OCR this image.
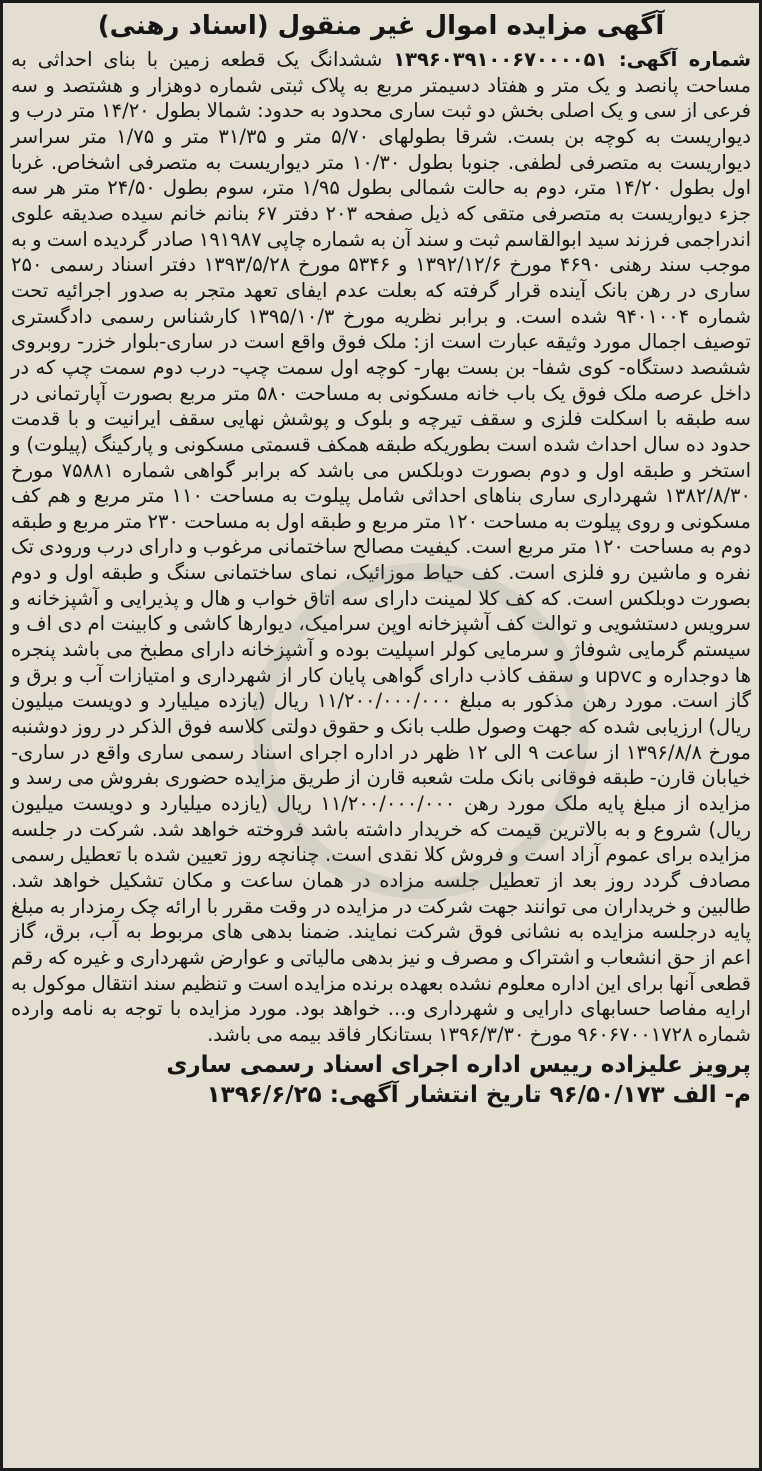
آگهی مزایده اموال غیر منقول (اسناد رهنی)

شماره آگهی: ۱۳۹۶۰۳۹۱۰۰۶۷۰۰۰۰۵۱ ششدانگ یک قطعه زمین با بنای احداثی به مساحت پانصد و یک متر و هفتاد دسیمتر مربع به پلاک ثبتی شماره دوهزار و هشتصد و سه فرعی از سی و یک اصلی بخش دو ثبت ساری محدود به حدود: شمالا بطول ۱۴/۲۰ متر درب و دیواریست به کوچه بن بست. شرقا بطولهای ۵/۷۰ متر و ۳۱/۳۵ متر و ۱/۷۵ متر سراسر دیواریست به متصرفی لطفی. جنوبا بطول ۱۰/۳۰ متر دیواریست به متصرفی اشخاص. غربا اول بطول ۱۴/۲۰ متر، دوم به حالت شمالی بطول ۱/۹۵ متر، سوم بطول ۲۴/۵۰ متر هر سه جزء دیواریست به متصرفی متقی که ذیل صفحه ۲۰۳ دفتر ۶۷ بنانم خانم سیده صدیقه علوی اندراجمی فرزند سید ابوالقاسم ثبت و سند آن به شماره چاپی ۱۹۱۹۸۷ صادر گردیده است و به موجب سند رهنی ۴۶۹۰ مورخ ۱۳۹۲/۱۲/۶ و ۵۳۴۶ مورخ ۱۳۹۳/۵/۲۸ دفتر اسناد رسمی ۲۵۰ ساری در رهن بانک آینده قرار گرفته که بعلت عدم ایفای تعهد متجر به صدور اجرائیه تحت شماره ۹۴۰۱۰۰۴ شده است. و برابر نظریه مورخ ۱۳۹۵/۱۰/۳ کارشناس رسمی دادگستری توصیف اجمال مورد وثیقه عبارت است از: ملک فوق واقع است در ساری-بلوار خزر- روبروی ششصد دستگاه- کوی شفا- بن بست بهار- کوچه اول سمت چپ- درب دوم سمت چپ که در داخل عرصه ملک فوق یک باب خانه مسکونی به مساحت ۵۸۰ متر مربع بصورت آپارتمانی در سه طبقه با اسکلت فلزی و سقف تیرچه و بلوک و پوشش نهایی سقف ایرانیت و با قدمت حدود ده سال احداث شده است بطوریکه طبقه همکف قسمتی مسکونی و پارکینگ (پیلوت) و استخر و طبقه اول و دوم بصورت دوبلکس می باشد که برابر گواهی شماره ۷۵۸۸۱ مورخ ۱۳۸۲/۸/۳۰ شهرداری ساری بناهای احداثی شامل پیلوت به مساحت ۱۱۰ متر مربع و هم کف مسکونی و روی پیلوت به مساحت ۱۲۰ متر مربع و طبقه اول به مساحت ۲۳۰ متر مربع و طبقه دوم به مساحت ۱۲۰ متر مربع است. کیفیت مصالح ساختمانی مرغوب و دارای درب ورودی تک نفره و ماشین رو فلزی است. کف حیاط موزائیک، نمای ساختمانی سنگ و طبقه اول و دوم بصورت دوبلکس است. که کف کلا لمینت دارای سه اتاق خواب و هال و پذیرایی و آشپزخانه و سرویس دستشویی و توالت کف آشپزخانه اوپن سرامیک، دیوارها کاشی و کابینت ام دی اف و سیستم گرمایی شوفاژ و سرمایی کولر اسپلیت بوده و آشپزخانه دارای مطبخ می باشد پنجره ها دوجداره و upvc و سقف کاذب دارای گواهی پایان کار از شهرداری و امتیازات آب و برق و گاز است. مورد رهن مذکور به مبلغ ۱۱/۲۰۰/۰۰۰/۰۰۰ ریال (یازده میلیارد و دویست میلیون ریال) ارزیابی شده که جهت وصول طلب بانک و حقوق دولتی کلاسه فوق الذکر در روز دوشنبه مورخ ۱۳۹۶/۸/۸ از ساعت ۹ الی ۱۲ ظهر در اداره اجرای اسناد رسمی ساری واقع در ساری- خیابان قارن- طبقه فوقانی بانک ملت شعبه قارن از طریق مزایده حضوری بفروش می رسد و مزایده از مبلغ پایه ملک مورد رهن ۱۱/۲۰۰/۰۰۰/۰۰۰ ریال (یازده میلیارد و دویست میلیون ریال) شروع و به بالاترین قیمت که خریدار داشته باشد فروخته خواهد شد. شرکت در جلسه مزایده برای عموم آزاد است و فروش کلا نقدی است. چنانچه روز تعیین شده با تعطیل رسمی مصادف گردد روز بعد از تعطیل جلسه مزاده در همان ساعت و مکان تشکیل خواهد شد. طالبین و خریداران می توانند جهت شرکت در مزایده در وقت مقرر با ارائه چک رمزدار به مبلغ پایه درجلسه مزایده به نشانی فوق شرکت نمایند. ضمنا بدهی های مربوط به آب، برق، گاز اعم از حق انشعاب و اشتراک و مصرف و نیز بدهی مالیاتی و عوارض شهرداری و غیره که رقم قطعی آنها برای این اداره معلوم نشده بعهده برنده مزایده است و تنظیم سند انتقال موکول به ارایه مفاصا حسابهای دارایی و شهرداری و... خواهد بود. مورد مزایده با توجه به نامه وارده شماره ۹۶۰۶۷۰۰۱۷۲۸ مورخ ۱۳۹۶/۳/۳۰ بستانکار فاقد بیمه می باشد.

پرویز علیزاده رییس اداره اجرای اسناد رسمی ساری
م- الف ۹۶/۵۰/۱۷۳ تاریخ انتشار آگهی: ۱۳۹۶/۶/۲۵
